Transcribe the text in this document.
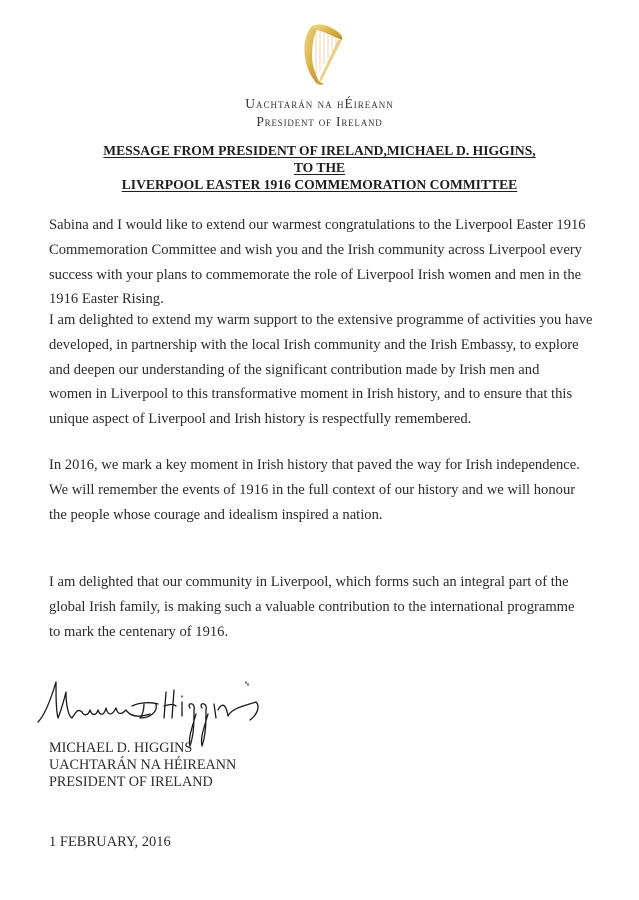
Uachtarán na hÉireann
President of Ireland
MESSAGE FROM PRESIDENT OF IRELAND,MICHAEL D. HIGGINS,
TO THE
LIVERPOOL EASTER 1916 COMMEMORATION COMMITTEE
Sabina and I would like to extend our warmest congratulations to the Liverpool Easter 1916
Commemoration Committee and wish you and the Irish community across Liverpool every
success with your plans to commemorate the role of Liverpool Irish women and men in the
1916 Easter Rising.
I am delighted to extend my warm support to the extensive programme of activities you have
developed, in partnership with the local Irish community and the Irish Embassy, to explore
and deepen our understanding of the significant contribution made by Irish men and
women in Liverpool to this transformative moment in Irish history, and to ensure that this
unique aspect of Liverpool and Irish history is respectfully remembered.
In 2016, we mark a key moment in Irish history that paved the way for Irish independence.
We will remember the events of 1916 in the full context of our history and we will honour
the people whose courage and idealism inspired a nation.
I am delighted that our community in Liverpool, which forms such an integral part of the
global Irish family, is making such a valuable contribution to the international programme
to mark the centenary of 1916.
MICHAEL D. HIGGINS
UACHTARÁN NA HÉIREANN
PRESIDENT OF IRELAND
1 FEBRUARY, 2016
